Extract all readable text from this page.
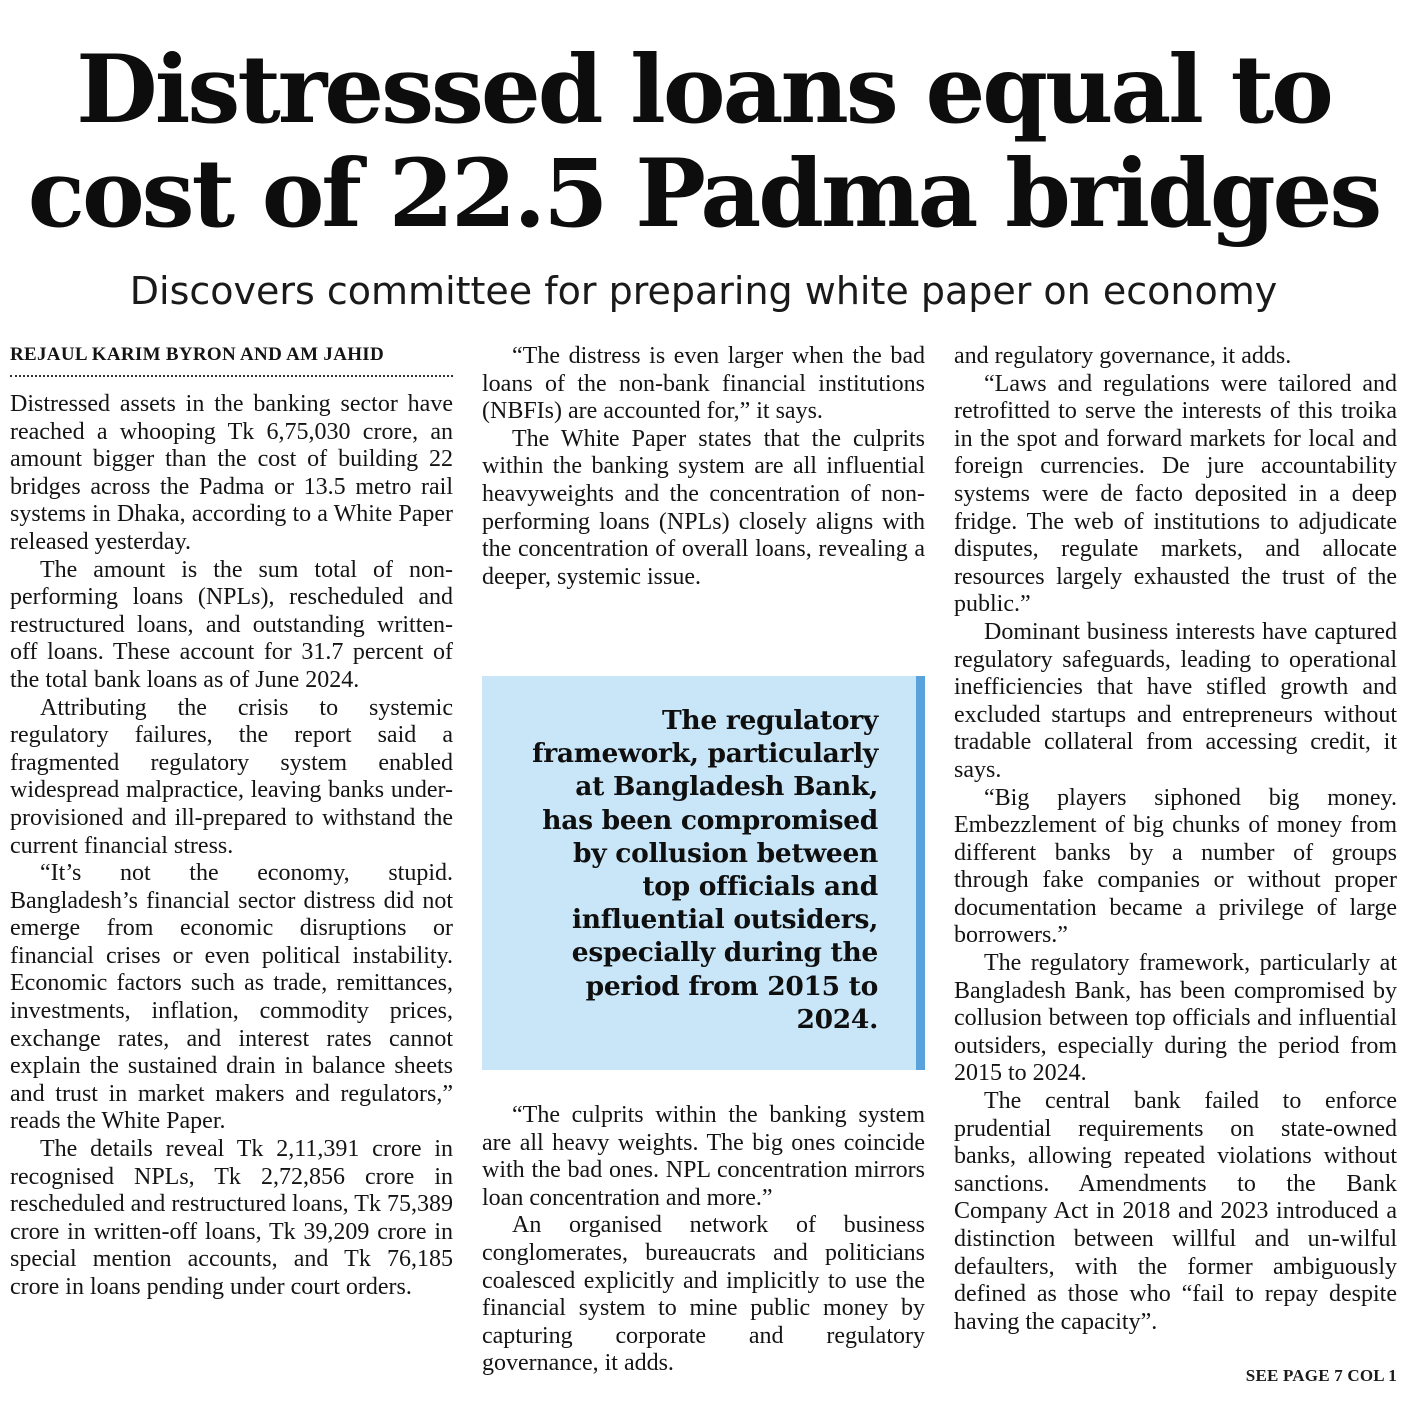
Distressed loans equal to
cost of 22.5 Padma bridges
Discovers committee for preparing white paper on economy
REJAUL KARIM BYRON AND AM JAHID

Distressed assets in the banking sector have reached a whooping Tk 6,75,030 crore, an amount bigger than the cost of building 22 bridges across the Padma or 13.5 metro rail systems in Dhaka, according to a White Paper released yesterday.

The amount is the sum total of non-performing loans (NPLs), rescheduled and restructured loans, and outstanding written-off loans. These account for 31.7 percent of the total bank loans as of June 2024.

Attributing the crisis to systemic regulatory failures, the report said a fragmented regulatory system enabled widespread malpractice, leaving banks under-provisioned and ill-prepared to withstand the current financial stress.

“It’s not the economy, stupid. Bangladesh’s financial sector distress did not emerge from economic disruptions or financial crises or even political instability. Economic factors such as trade, remittances, investments, inflation, commodity prices, exchange rates, and interest rates cannot explain the sustained drain in balance sheets and trust in market makers and regulators,” reads the White Paper.

The details reveal Tk 2,11,391 crore in recognised NPLs, Tk 2,72,856 crore in rescheduled and restructured loans, Tk 75,389 crore in written-off loans, Tk 39,209 crore in special mention accounts, and Tk 76,185 crore in loans pending under court orders.

“The distress is even larger when the bad loans of the non-bank financial institutions (NBFIs) are accounted for,” it says.

The White Paper states that the culprits within the banking system are all influential heavyweights and the concentration of non-performing loans (NPLs) closely aligns with the concentration of overall loans, revealing a deeper, systemic issue.

The regulatory framework, particularly at Bangladesh Bank, has been compromised by collusion between top officials and influential outsiders, especially during the period from 2015 to 2024.

“The culprits within the banking system are all heavy weights. The big ones coincide with the bad ones. NPL concentration mirrors loan concentration and more.”

An organised network of business conglomerates, bureaucrats and politicians coalesced explicitly and implicitly to use the financial system to mine public money by capturing corporate and regulatory governance, it adds.

and regulatory governance, it adds.

“Laws and regulations were tailored and retrofitted to serve the interests of this troika in the spot and forward markets for local and foreign currencies. De jure accountability systems were de facto deposited in a deep fridge. The web of institutions to adjudicate disputes, regulate markets, and allocate resources largely exhausted the trust of the public.”

Dominant business interests have captured regulatory safeguards, leading to operational inefficiencies that have stifled growth and excluded startups and entrepreneurs without tradable collateral from accessing credit, it says.

“Big players siphoned big money. Embezzlement of big chunks of money from different banks by a number of groups through fake companies or without proper documentation became a privilege of large borrowers.”

The regulatory framework, particularly at Bangladesh Bank, has been compromised by collusion between top officials and influential outsiders, especially during the period from 2015 to 2024.

The central bank failed to enforce prudential requirements on state-owned banks, allowing repeated violations without sanctions. Amendments to the Bank Company Act in 2018 and 2023 introduced a distinction between willful and un-wilful defaulters, with the former ambiguously defined as those who “fail to repay despite having the capacity”.

SEE PAGE 7 COL 1
